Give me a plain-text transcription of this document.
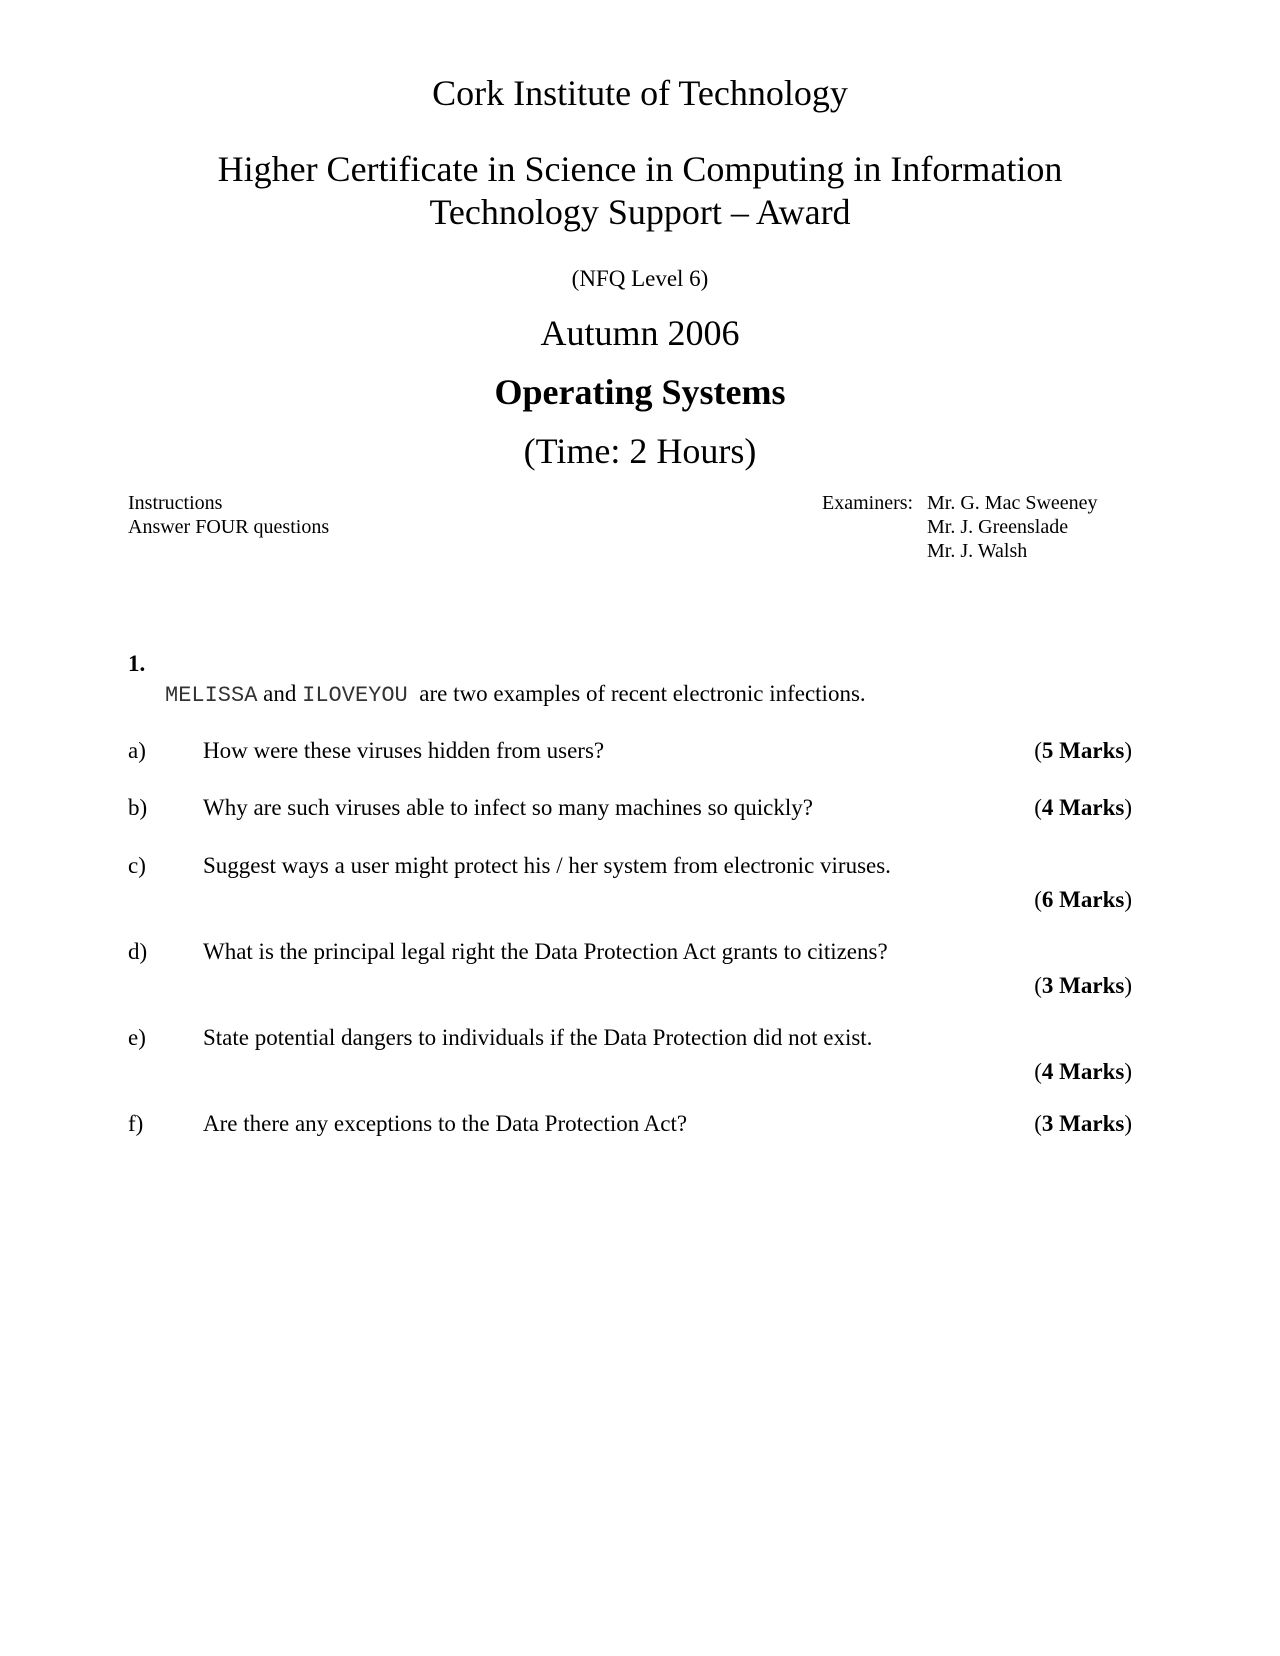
Cork Institute of Technology
Higher Certificate in Science in Computing in Information
Technology Support – Award
(NFQ Level 6)
Autumn 2006
Operating Systems
(Time: 2 Hours)
Instructions
Answer FOUR questions
Examiners: Mr. G. Mac Sweeney
Mr. J. Greenslade
Mr. J. Walsh
1.
MELISSA and ILOVEYOU  are two examples of recent electronic infections.
a) How were these viruses hidden from users?	(5 Marks)
b) Why are such viruses able to infect so many machines so quickly?	(4 Marks)
c) Suggest ways a user might protect his / her system from electronic viruses.
(6 Marks)
d) What is the principal legal right the Data Protection Act grants to citizens?
(3 Marks)
e) State potential dangers to individuals if the Data Protection did not exist.
(4 Marks)
f)	Are there any exceptions to the Data Protection Act?	(3 Marks)
